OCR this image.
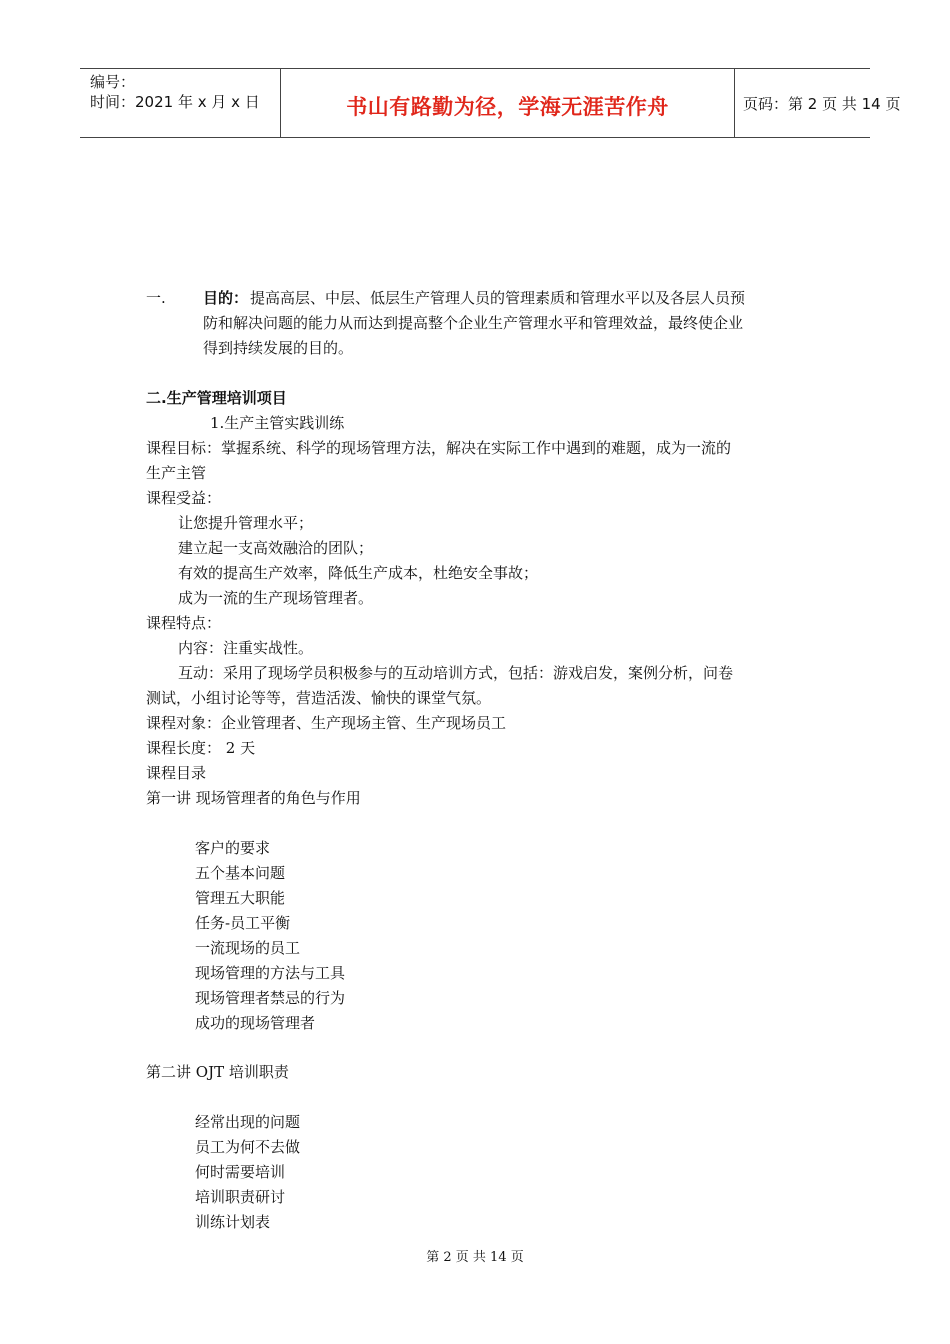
编号：
时间：2021 年 x 月 x 日	书山有路勤为径，学海无涯苦作舟	页码：第 2 页 共 14 页
一. 目的： 提高高层、中层、低层生产管理人员的管理素质和管理水平以及各层人员预
防和解决问题的能力从而达到提高整个企业生产管理水平和管理效益，最终使企业
得到持续发展的目的。
二.生产管理培训项目
1.生产主管实践训练
课程目标：掌握系统、科学的现场管理方法，解决在实际工作中遇到的难题，成为一流的
生产主管
课程受益：
让您提升管理水平；
建立起一支高效融洽的团队；
有效的提高生产效率，降低生产成本，杜绝安全事故；
成为一流的生产现场管理者。
课程特点：
内容：注重实战性。
互动：采用了现场学员积极参与的互动培训方式，包括：游戏启发，案例分析，问卷
测试，小组讨论等等，营造活泼、愉快的课堂气氛。
课程对象：企业管理者、生产现场主管、生产现场员工
课程长度： 2 天
课程目录
第一讲 现场管理者的角色与作用
客户的要求
五个基本问题
管理五大职能
任务-员工平衡
一流现场的员工
现场管理的方法与工具
现场管理者禁忌的行为
成功的现场管理者
第二讲 OJT 培训职责
经常出现的问题
员工为何不去做
何时需要培训
培训职责研讨
训练计划表
第 2 页 共 14 页
